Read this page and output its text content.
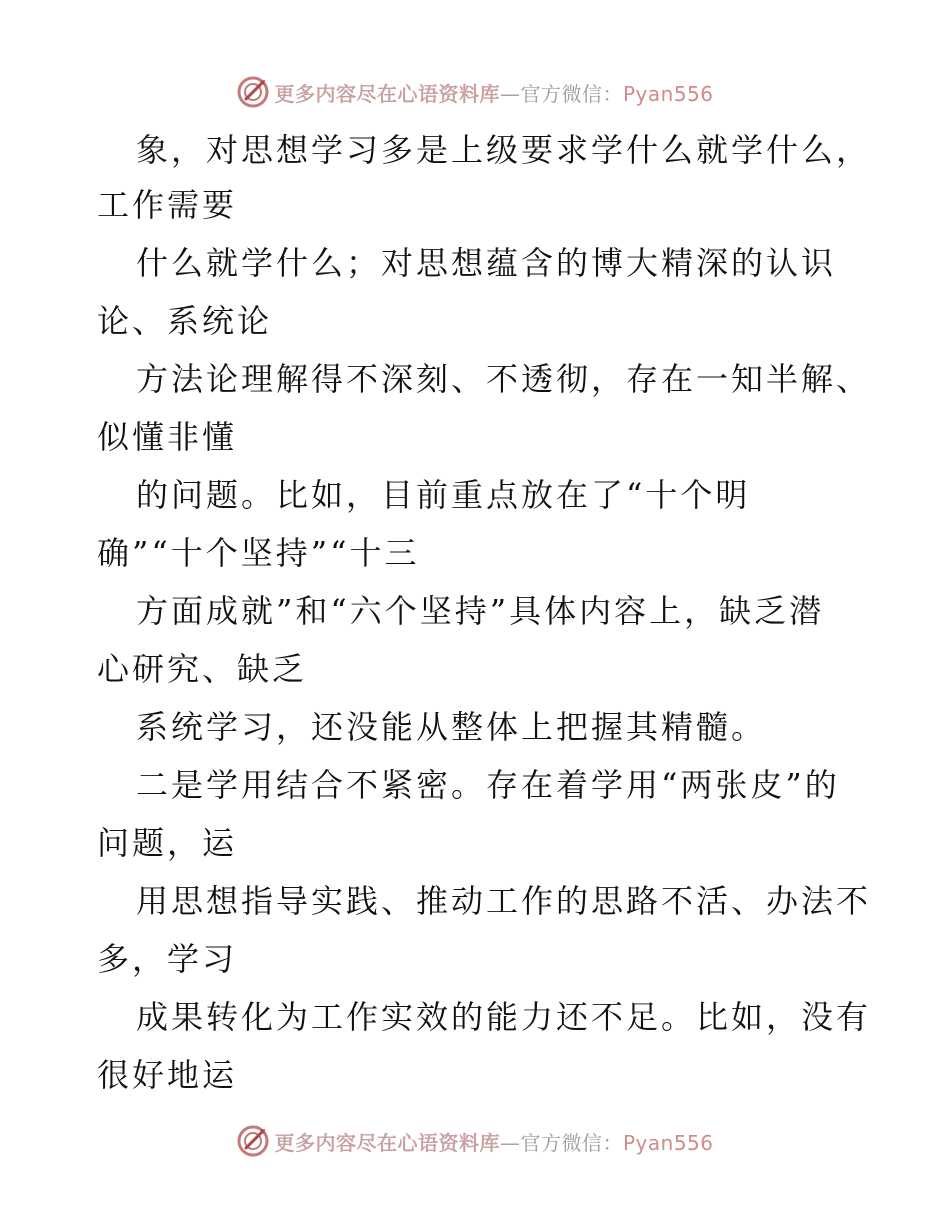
更多内容尽在心语资料库—官方微信：Pyan556
象，对思想学习多是上级要求学什么就学什么，
工作需要
什么就学什么；对思想蕴含的博大精深的认识
论、系统论
方法论理解得不深刻、不透彻，存在一知半解、
似懂非懂
的问题。比如，目前重点放在了“十个明
确”“十个坚持”“十三
方面成就”和“六个坚持”具体内容上，缺乏潜
心研究、缺乏
系统学习，还没能从整体上把握其精髓。
二是学用结合不紧密。存在着学用“两张皮”的
问题，运
用思想指导实践、推动工作的思路不活、办法不
多，学习
成果转化为工作实效的能力还不足。比如，没有
很好地运
更多内容尽在心语资料库—官方微信：Pyan556
